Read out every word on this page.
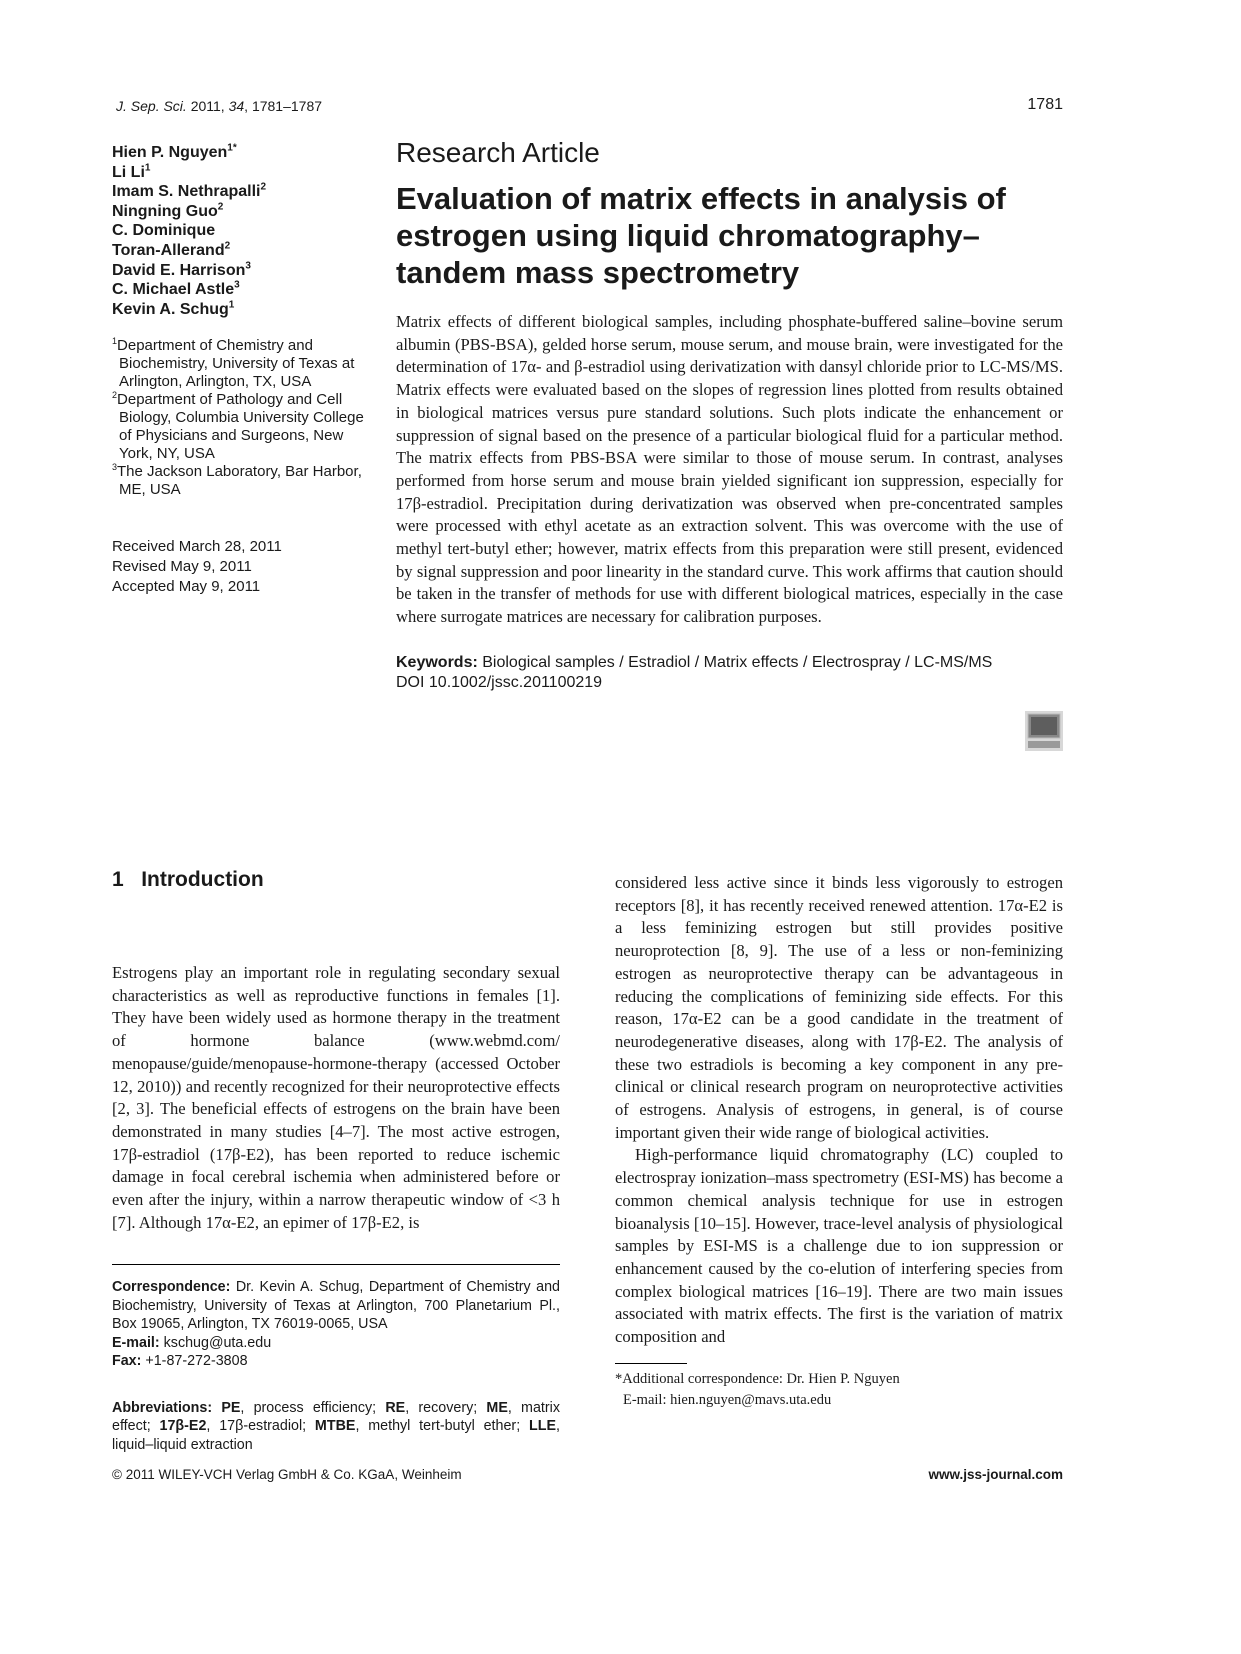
J. Sep. Sci. 2011, 34, 1781–1787	1781
Hien P. Nguyen$^{1*}$
Li Li$^1$
Imam S. Nethrapalli$^2$
Ningning Guo$^2$
C. Dominique
Toran-Allerand$^2$
David E. Harrison$^3$
C. Michael Astle$^3$
Kevin A. Schug$^1$
$^1$Department of Chemistry and Biochemistry, University of Texas at Arlington, Arlington, TX, USA
$^2$Department of Pathology and Cell Biology, Columbia University College of Physicians and Surgeons, New York, NY, USA
$^3$The Jackson Laboratory, Bar Harbor, ME, USA
Received March 28, 2011
Revised May 9, 2011
Accepted May 9, 2011
Research Article
Evaluation of matrix effects in analysis of estrogen using liquid chromatography–tandem mass spectrometry
Matrix effects of different biological samples, including phosphate-buffered saline–bovine serum albumin (PBS-BSA), gelded horse serum, mouse serum, and mouse brain, were investigated for the determination of 17α- and β-estradiol using derivatization with dansyl chloride prior to LC-MS/MS. Matrix effects were evaluated based on the slopes of regression lines plotted from results obtained in biological matrices versus pure standard solutions. Such plots indicate the enhancement or suppression of signal based on the presence of a particular biological fluid for a particular method. The matrix effects from PBS-BSA were similar to those of mouse serum. In contrast, analyses performed from horse serum and mouse brain yielded significant ion suppression, especially for 17β-estradiol. Precipitation during derivatization was observed when pre-concentrated samples were processed with ethyl acetate as an extraction solvent. This was overcome with the use of methyl tert-butyl ether; however, matrix effects from this preparation were still present, evidenced by signal suppression and poor linearity in the standard curve. This work affirms that caution should be taken in the transfer of methods for use with different biological matrices, especially in the case where surrogate matrices are necessary for calibration purposes.
Keywords: Biological samples / Estradiol / Matrix effects / Electrospray / LC-MS/MS
DOI 10.1002/jssc.201100219
1 Introduction

Estrogens play an important role in regulating secondary sexual characteristics as well as reproductive functions in females [1]. They have been widely used as hormone therapy in the treatment of hormone balance (www.webmd.com/ menopause/guide/menopause-hormone-therapy (accessed October 12, 2010)) and recently recognized for their neuroprotective effects [2, 3]. The beneficial effects of estrogens on the brain have been demonstrated in many studies [4–7]. The most active estrogen, 17β-estradiol (17β-E2), has been reported to reduce ischemic damage in focal cerebral ischemia when administered before or even after the injury, within a narrow therapeutic window of <3 h [7]. Although 17α-E2, an epimer of 17β-E2, is

Correspondence: Dr. Kevin A. Schug, Department of Chemistry and Biochemistry, University of Texas at Arlington, 700 Planetarium Pl., Box 19065, Arlington, TX 76019-0065, USA
E-mail: kschug@uta.edu
Fax: +1-87-272-3808
Abbreviations: PE, process efficiency; RE, recovery; ME, matrix effect; 17β-E2, 17β-estradiol; MTBE, methyl tert-butyl ether; LLE, liquid–liquid extraction

considered less active since it binds less vigorously to estrogen receptors [8], it has recently received renewed attention. 17α-E2 is a less feminizing estrogen but still provides positive neuroprotection [8, 9]. The use of a less or non-feminizing estrogen as neuroprotective therapy can be advantageous in reducing the complications of feminizing side effects. For this reason, 17α-E2 can be a good candidate in the treatment of neurodegenerative diseases, along with 17β-E2. The analysis of these two estradiols is becoming a key component in any pre-clinical or clinical research program on neuroprotective activities of estrogens. Analysis of estrogens, in general, is of course important given their wide range of biological activities.

High-performance liquid chromatography (LC) coupled to electrospray ionization–mass spectrometry (ESI-MS) has become a common chemical analysis technique for use in estrogen bioanalysis [10–15]. However, trace-level analysis of physiological samples by ESI-MS is a challenge due to ion suppression or enhancement caused by the co-elution of interfering species from complex biological matrices [16–19]. There are two main issues associated with matrix effects. The first is the variation of matrix composition and

*Additional correspondence: Dr. Hien P. Nguyen
E-mail: hien.nguyen@mavs.uta.edu
© 2011 WILEY-VCH Verlag GmbH & Co. KGaA, Weinheim	www.jss-journal.com
